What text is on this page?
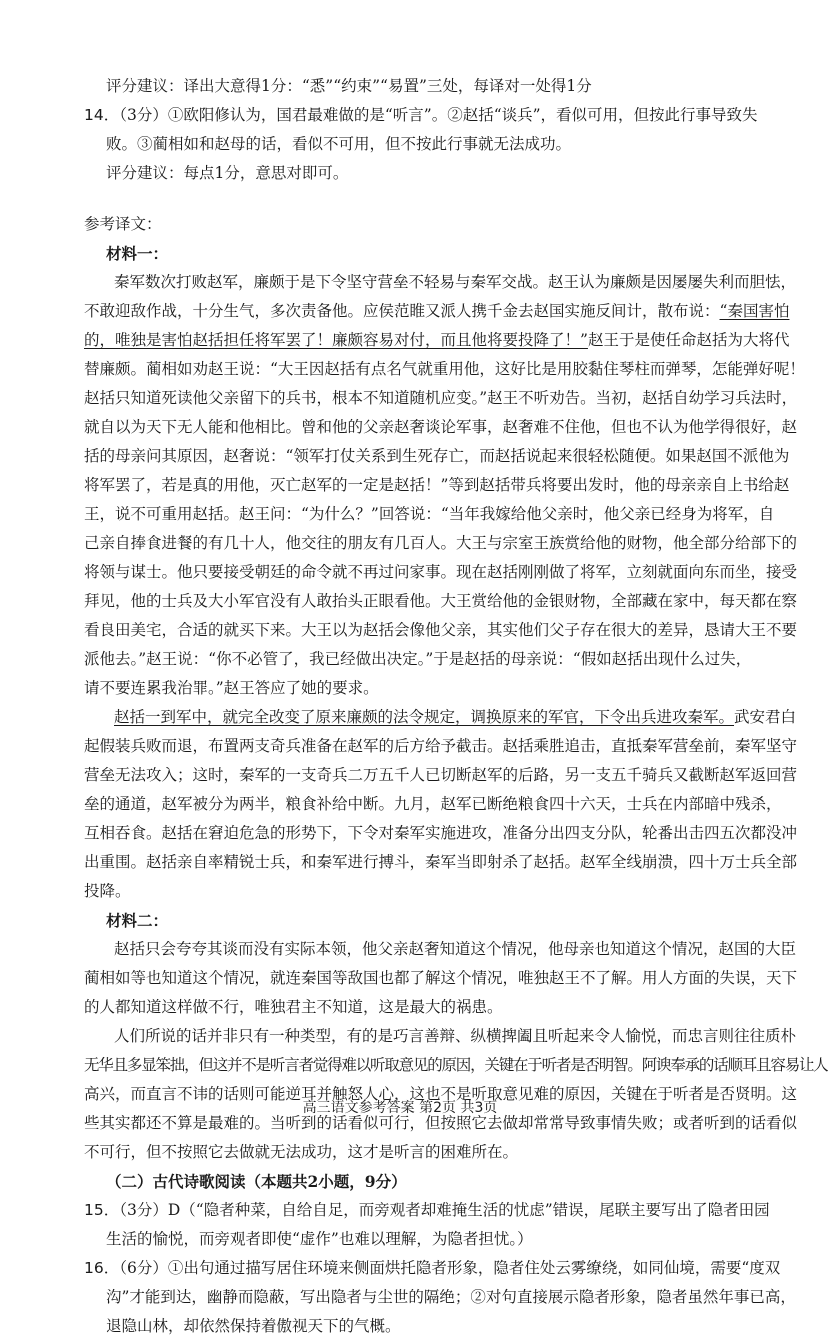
评分建议：译出大意得1分：“悉”“约束”“易置”三处，每译对一处得1分

14．（3分）①欧阳修认为，国君最难做的是“听言”。②赵括“谈兵”，看似可用，但按此行事导致失

败。③蔺相如和赵母的话，看似不可用，但不按此行事就无法成功。

评分建议：每点1分，意思对即可。

参考译文：

材料一：

秦军数次打败赵军，廉颇于是下令坚守营垒不轻易与秦军交战。赵王认为廉颇是因屡屡失利而胆怯，

不敢迎敌作战，十分生气，多次责备他。应侯范睢又派人携千金去赵国实施反间计，散布说：“秦国害怕

的，唯独是害怕赵括担任将军罢了！廉颇容易对付，而且他将要投降了！”赵王于是使任命赵括为大将代

替廉颇。蔺相如劝赵王说：“大王因赵括有点名气就重用他，这好比是用胶黏住琴柱而弹琴，怎能弹好呢！

赵括只知道死读他父亲留下的兵书，根本不知道随机应变。”赵王不听劝告。当初，赵括自幼学习兵法时，

就自以为天下无人能和他相比。曾和他的父亲赵奢谈论军事，赵奢难不住他，但也不认为他学得很好，赵

括的母亲问其原因，赵奢说：“领军打仗关系到生死存亡，而赵括说起来很轻松随便。如果赵国不派他为

将军罢了，若是真的用他，灭亡赵军的一定是赵括！”等到赵括带兵将要出发时，他的母亲亲自上书给赵

王，说不可重用赵括。赵王问：“为什么？”回答说：“当年我嫁给他父亲时，他父亲已经身为将军，自

己亲自捧食进餐的有几十人，他交往的朋友有几百人。大王与宗室王族赏给他的财物，他全部分给部下的

将领与谋士。他只要接受朝廷的命令就不再过问家事。现在赵括刚刚做了将军，立刻就面向东而坐，接受

拜见，他的士兵及大小军官没有人敢抬头正眼看他。大王赏给他的金银财物，全部藏在家中，每天都在察

看良田美宅，合适的就买下来。大王以为赵括会像他父亲，其实他们父子存在很大的差异，恳请大王不要

派他去。”赵王说：“你不必管了，我已经做出决定。”于是赵括的母亲说：“假如赵括出现什么过失，

请不要连累我治罪。”赵王答应了她的要求。

赵括一到军中，就完全改变了原来廉颇的法令规定，调换原来的军官，下令出兵进攻秦军。武安君白

起假装兵败而退，布置两支奇兵准备在赵军的后方给予截击。赵括乘胜追击，直抵秦军营垒前，秦军坚守

营垒无法攻入；这时，秦军的一支奇兵二万五千人已切断赵军的后路，另一支五千骑兵又截断赵军返回营

垒的通道，赵军被分为两半，粮食补给中断。九月，赵军已断绝粮食四十六天，士兵在内部暗中残杀，

互相吞食。赵括在窘迫危急的形势下，下令对秦军实施进攻，准备分出四支分队，轮番出击四五次都没冲

出重围。赵括亲自率精锐士兵，和秦军进行搏斗，秦军当即射杀了赵括。赵军全线崩溃，四十万士兵全部

投降。

材料二：

赵括只会夸夸其谈而没有实际本领，他父亲赵奢知道这个情况，他母亲也知道这个情况，赵国的大臣

蔺相如等也知道这个情况，就连秦国等敌国也都了解这个情况，唯独赵王不了解。用人方面的失误，天下

的人都知道这样做不行，唯独君主不知道，这是最大的祸患。

人们所说的话并非只有一种类型，有的是巧言善辩、纵横捭阖且听起来令人愉悦，而忠言则往往质朴

无华且多显笨拙，但这并不是听言者觉得难以听取意见的原因，关键在于听者是否明智。阿谀奉承的话顺耳且容易让人

高兴，而直言不讳的话则可能逆耳并触怒人心，这也不是听取意见难的原因，关键在于听者是否贤明。这

些其实都还不算是最难的。当听到的话看似可行，但按照它去做却常常导致事情失败；或者听到的话看似

不可行，但不按照它去做就无法成功，这才是听言的困难所在。

（二）古代诗歌阅读（本题共2小题，9分）

15．（3分）D（“隐者种菜，自给自足，而旁观者却难掩生活的忧虑”错误，尾联主要写出了隐者田园

生活的愉悦，而旁观者即使“虚作”也难以理解，为隐者担忧。）

16．（6分）①出句通过描写居住环境来侧面烘托隐者形象，隐者住处云雾缭绕，如同仙境，需要“度双

沟”才能到达，幽静而隐蔽，写出隐者与尘世的隔绝；②对句直接展示隐者形象，隐者虽然年事已高，

退隐山林，却依然保持着傲视天下的气概。

高三语文参考答案 第2页 共3页
